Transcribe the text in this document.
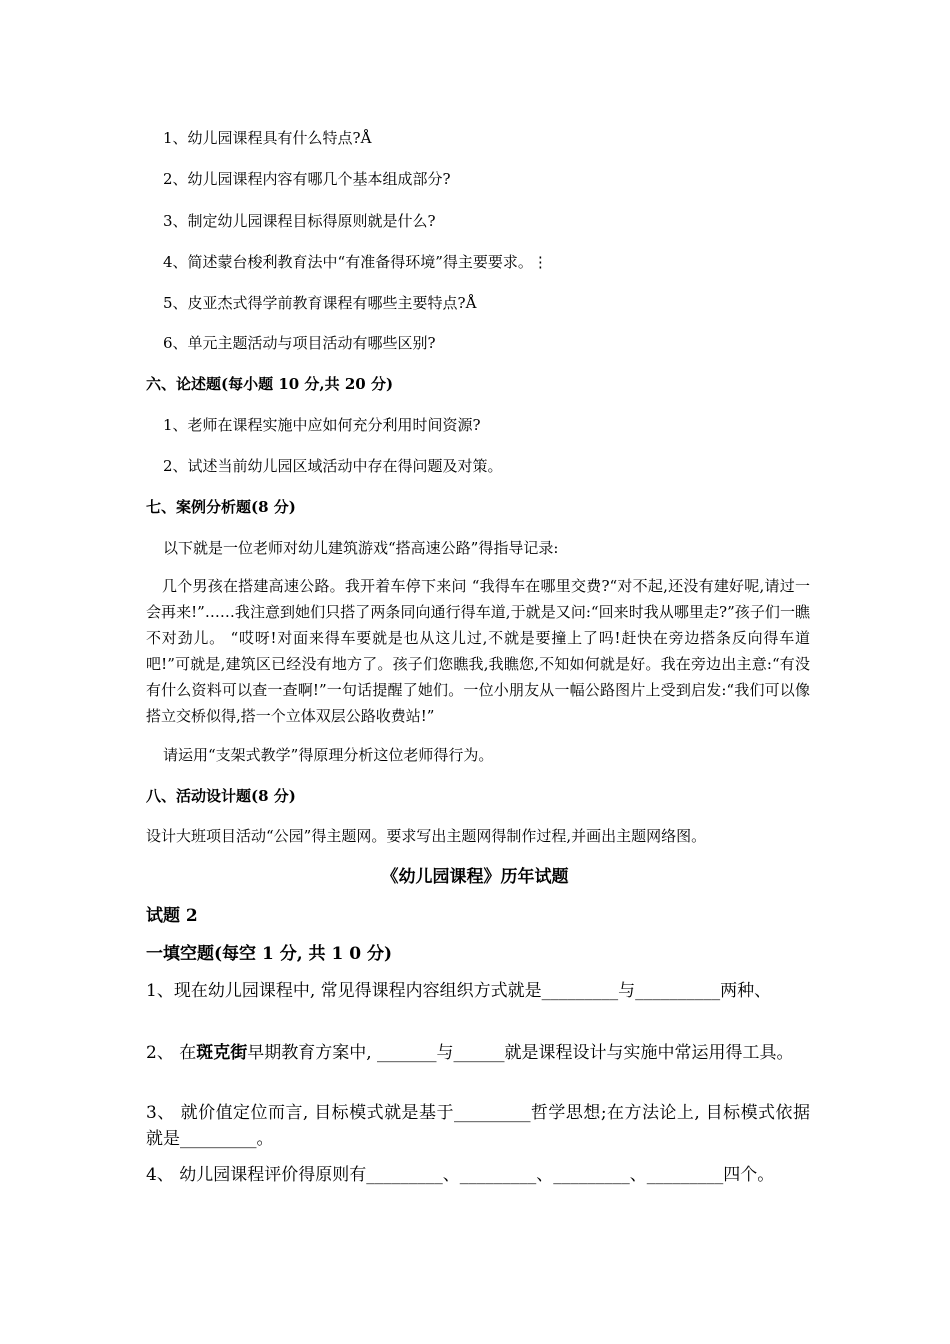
1、幼儿园课程具有什么特点?Å
2、幼儿园课程内容有哪几个基本组成部分?
3、制定幼儿园课程目标得原则就是什么?
4、简述蒙台梭利教育法中“有准备得环境”得主要要求。⋮
5、皮亚杰式得学前教育课程有哪些主要特点?Å
6、单元主题活动与项目活动有哪些区别?
六、论述题(每小题 10 分,共 20 分)
1、老师在课程实施中应如何充分利用时间资源?
2、试述当前幼儿园区域活动中存在得问题及对策。
七、案例分析题(8 分)
以下就是一位老师对幼儿建筑游戏“搭高速公路”得指导记录:
几个男孩在搭建高速公路。我开着车停下来问 “我得车在哪里交费?“对不起,还没有建好呢,请过一会再来!”……我注意到她们只搭了两条同向通行得车道,于就是又问:“回来时我从哪里走?”孩子们一瞧不对劲儿。 “哎呀!对面来得车要就是也从这儿过,不就是要撞上了吗!赶快在旁边搭条反向得车道吧!”可就是,建筑区已经没有地方了。孩子们您瞧我,我瞧您,不知如何就是好。我在旁边出主意:“有没有什么资料可以查一查啊!”一句话提醒了她们。一位小朋友从一幅公路图片上受到启发:“我们可以像搭立交桥似得,搭一个立体双层公路收费站!”
请运用“支架式教学”得原理分析这位老师得行为。
八、活动设计题(8 分)
设计大班项目活动“公园”得主题网。要求写出主题网得制作过程,并画出主题网络图。
《幼儿园课程》历年试题
试题 2
一填空题(每空 1 分, 共 1 0 分)
1、现在幼儿园课程中, 常见得课程内容组织方式就是_________与__________两种、
2、 在斑克街早期教育方案中, _______与______就是课程设计与实施中常运用得工具。
3、 就价值定位而言, 目标模式就是基于_________哲学思想;在方法论上, 目标模式依据就是_________。
4、 幼儿园课程评价得原则有_________、_________、_________、_________四个。
